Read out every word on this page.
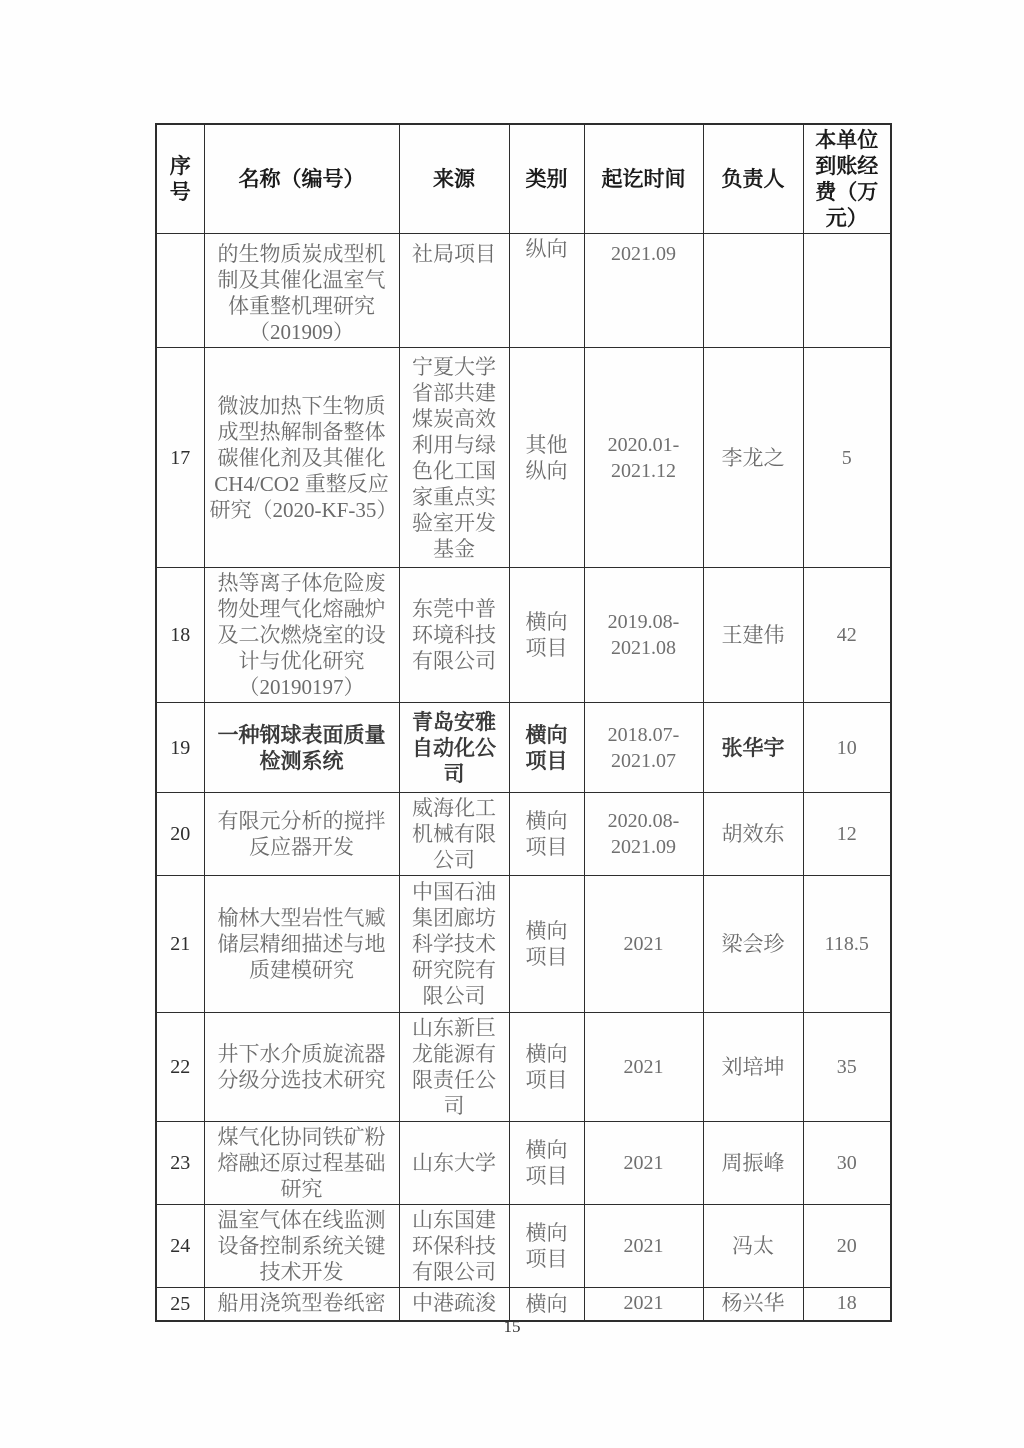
序号	名称（编号）	来源	类别	起讫时间	负责人	本单位到账经费（万元）
	的生物质炭成型机制及其催化温室气体重整机理研究（201909）	社局项目	纵向	2021.09		
17	微波加热下生物质成型热解制备整体碳催化剂及其催化CH4/CO2 重整反应研究（2020-KF-35）	宁夏大学省部共建煤炭高效利用与绿色化工国家重点实验室开发基金	其他纵向	2020.01-2021.12	李龙之	5
18	热等离子体危险废物处理气化熔融炉及二次燃烧室的设计与优化研究（20190197）	东莞中普环境科技有限公司	横向项目	2019.08-2021.08	王建伟	42
19	一种钢球表面质量检测系统	青岛安雅自动化公司	横向项目	2018.07-2021.07	张华宇	10
20	有限元分析的搅拌反应器开发	威海化工机械有限公司	横向项目	2020.08-2021.09	胡效东	12
21	榆林大型岩性气臧储层精细描述与地质建模研究	中国石油集团廊坊科学技术研究院有限公司	横向项目	2021	梁会珍	118.5
22	井下水介质旋流器分级分选技术研究	山东新巨龙能源有限责任公司	横向项目	2021	刘培坤	35
23	煤气化协同铁矿粉熔融还原过程基础研究	山东大学	横向项目	2021	周振峰	30
24	温室气体在线监测设备控制系统关键技术开发	山东国建环保科技有限公司	横向项目	2021	冯太	20
25	船用浇筑型卷纸密	中港疏浚	横向	2021	杨兴华	18
15
